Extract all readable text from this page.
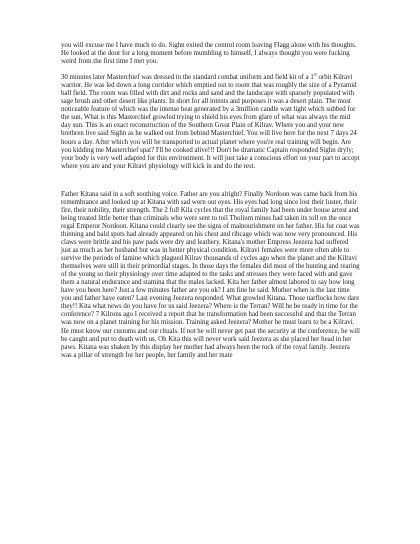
you will excuse me I have much to do. Sighn exited the control room leaving Flagg alone with his thoughts. He looked at the door for a long moment before mumbling to himself, I always thought you were fucking weird from the first time I met you.

30 minutes later Masterchief was dressed in the standard combat uniform and field kit of a 1st orbit Kilravi warrior. He was led down a long corridor which emptied out to room that was roughly the size of a Pyramid ball field. The room was filled with dirt and rocks and sand and the landscape with sparsely populated with sage brush and other desert like plants. In short for all intents and purposes it was a desert plain. The most noticeable feature of which was the intense heat generated by a 3million candle watt light which subbed for the sun. What is this Masterchief growled trying to shield his eyes from glare of what was always the mid day sun. This is an exact reconstruction of the Southern Great Plain of Kilrav. Where you and your new brethren live said Sighn as he walked out from behind Masterchief. You will live here for the next 7 days 24 hours a day. After which you will be transported to actual planet where you're real training will begin. Are you kidding me Masterchief spat? I'll be cooked alive!!! Don't be dramatic Captain responded Sighn dryly; your body is very well adapted for this environment. It will just take a conscious effort on your part to accept where you are and your Kilravi physiology will kick in and do the rest.

Father Kitana said in a soft soothing voice. Father are you alright? Finally Nordoon was came back from his remembrance and looked up at Kitana with sad worn out eyes. His eyes had long since lost their luster, their fire, their nobility, their strength. The 2 full Kila cycles that the royal family had been under house arrest and being treated little better than criminals who were sent to toil Tholium mines had taken its toll on the once regal Emperor Nordoon. Kitana could clearly see the signs of malnourishment on her father. His fur coat was thinning and bald spots had already appeared on his chest and ribcage which was now very pronounced. His claws were brittle and his paw pads were dry and leathery. Kitana's mother Empress Jeezera had suffered just as much as her husband but was in better physical condition. Kilravi females were more often able to survive the periods of famine which plagued Kilrav thousands of cycles ago when the planet and the Kilravi themselves were still in their primordial stages. In those days the females did most of the hunting and rearing of the young so their physiology over time adapted to the tasks and stresses they were faced with and gave them a natural endurance and stamina that the males lacked. Kita her father almost labored to say how long have you been here? Just a few minutes father are you ok? I am fine he said. Mother when is the last time you and father have eaten? Last evening Jeezera responded. What growled Kitana. Those narflocks how dare they!! Kita what news do you have for us said Jeezera? Where is the Terran? Will he be ready in time for the conference? 7 Kilrons ago I received a report that he transformation had been successful and that the Terran was now on a planet training for his mission. Training asked Jeezera? Mother he must learn to be a Kilravi. He must know our customs and our rituals. If not he will never get past the security at the conference, he will be caught and put to death with us. Oh Kita this will never work said Jeezera as she placed her head in her paws. Kitana was shaken by this display her mother had always been the rock of the royal family. Jeezera was a pillar of strength for her people, her family and her mate
